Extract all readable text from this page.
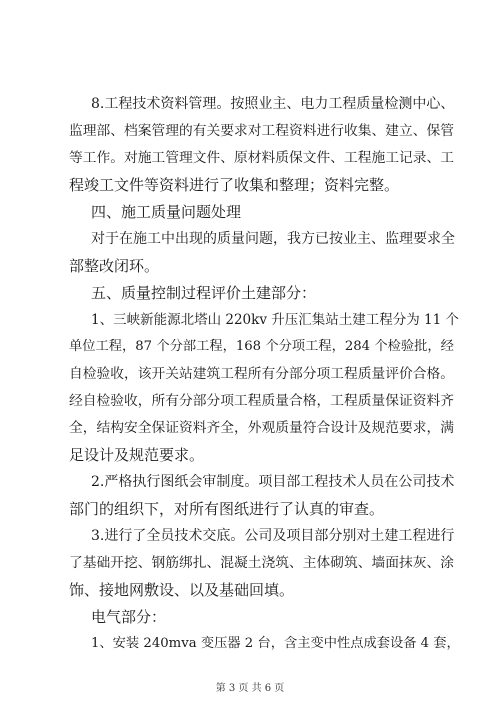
8.工程技术资料管理。按照业主、电力工程质量检测中心、
监理部、档案管理的有关要求对工程资料进行收集、建立、保管
等工作。对施工管理文件、原材料质保文件、工程施工记录、工
程竣工文件等资料进行了收集和整理；资料完整。
四、施工质量问题处理
对于在施工中出现的质量问题，我方已按业主、监理要求全
部整改闭环。
五、质量控制过程评价土建部分：
1、三峡新能源北塔山 220kv 升压汇集站土建工程分为 11 个
单位工程，87 个分部工程，168 个分项工程，284 个检验批，经
自检验收，该开关站建筑工程所有分部分项工程质量评价合格。
经自检验收，所有分部分项工程质量合格，工程质量保证资料齐
全，结构安全保证资料齐全，外观质量符合设计及规范要求，满
足设计及规范要求。
2.严格执行图纸会审制度。项目部工程技术人员在公司技术
部门的组织下，对所有图纸进行了认真的审查。
3.进行了全员技术交底。公司及项目部分别对土建工程进行
了基础开挖、钢筋绑扎、混凝土浇筑、主体砌筑、墙面抹灰、涂
饰、接地网敷设、以及基础回填。
电气部分：
1、安装 240mva 变压器 2 台，含主变中性点成套设备 4 套，
第 3 页 共 6 页
